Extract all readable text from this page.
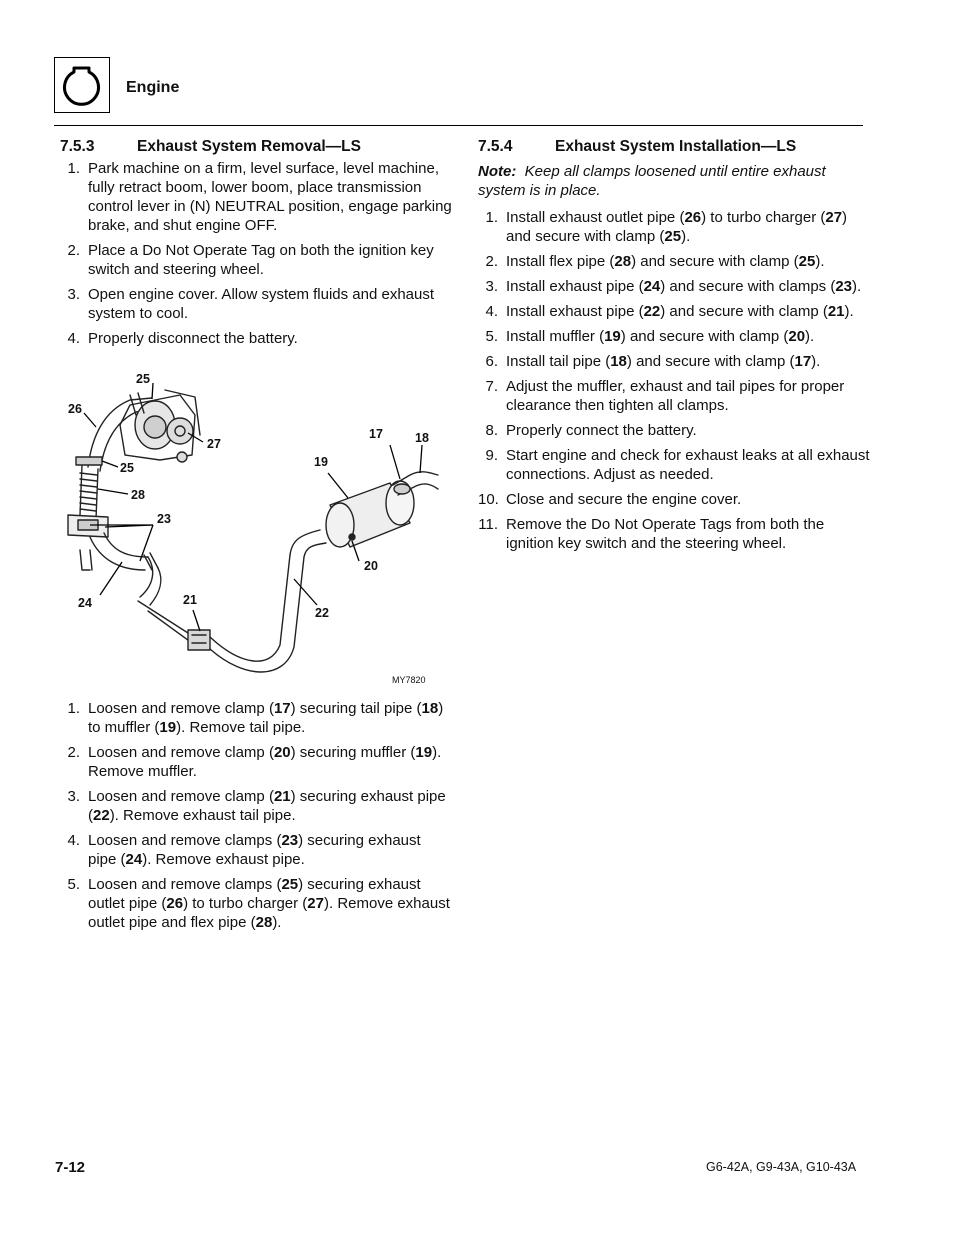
Engine
7.5.3	Exhaust System Removal—LS
1. Park machine on a firm, level surface, level machine, fully retract boom, lower boom, place transmission control lever in (N) NEUTRAL position, engage parking brake, and shut engine OFF.
2. Place a Do Not Operate Tag on both the ignition key switch and steering wheel.
3. Open engine cover. Allow system fluids and exhaust system to cool.
4. Properly disconnect the battery.
25
26
27
25
28
23
24	21
17	18
19
20
22
MY7820
1. Loosen and remove clamp (17) securing tail pipe (18) to muffler (19). Remove tail pipe.
2. Loosen and remove clamp (20) securing muffler (19). Remove muffler.
3. Loosen and remove clamp (21) securing exhaust pipe (22). Remove exhaust tail pipe.
4. Loosen and remove clamps (23) securing exhaust pipe (24). Remove exhaust pipe.
5. Loosen and remove clamps (25) securing exhaust outlet pipe (26) to turbo charger (27). Remove exhaust outlet pipe and flex pipe (28).
7.5.4	Exhaust System Installation—LS
Note: Keep all clamps loosened until entire exhaust system is in place.
1. Install exhaust outlet pipe (26) to turbo charger (27) and secure with clamp (25).
2. Install flex pipe (28) and secure with clamp (25).
3. Install exhaust pipe (24) and secure with clamps (23).
4. Install exhaust pipe (22) and secure with clamp (21).
5. Install muffler (19) and secure with clamp (20).
6. Install tail pipe (18) and secure with clamp (17).
7. Adjust the muffler, exhaust and tail pipes for proper clearance then tighten all clamps.
8. Properly connect the battery.
9. Start engine and check for exhaust leaks at all exhaust connections. Adjust as needed.
10. Close and secure the engine cover.
11. Remove the Do Not Operate Tags from both the ignition key switch and the steering wheel.
7-12	G6-42A, G9-43A, G10-43A
